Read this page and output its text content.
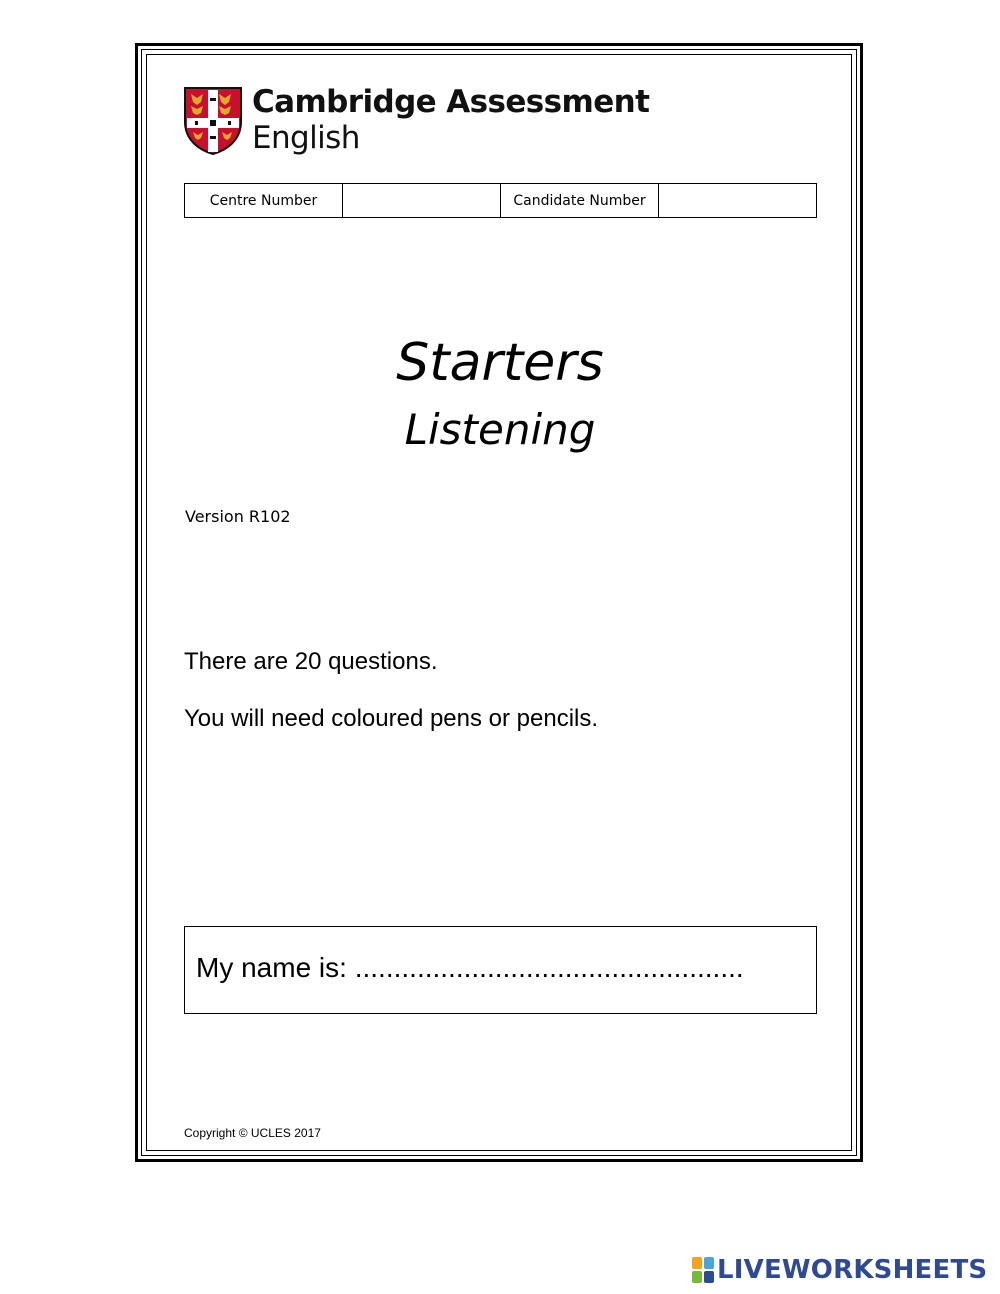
Cambridge Assessment
English
Centre Number		Candidate Number	
Starters
Listening
Version R102
There are 20 questions.
You will need coloured pens or pencils.
My name is: ..................................................
Copyright © UCLES 2017
LIVEWORKSHEETS
